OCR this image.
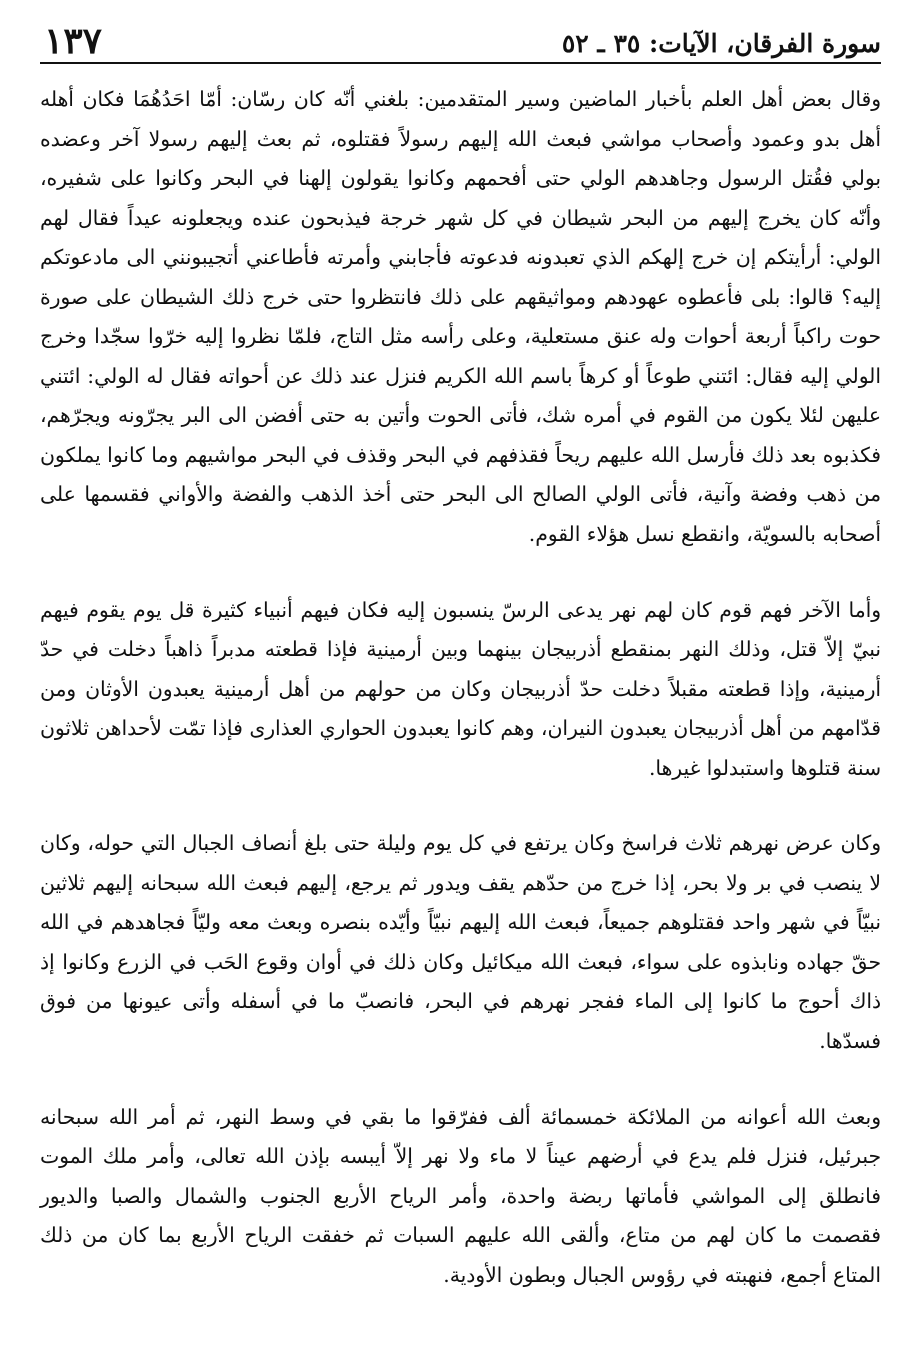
١٣٧	سورة الفرقان، الآيات: ٣٥ ـ ٥٢

وقال بعض أهل العلم بأخبار الماضين وسير المتقدمين: بلغني أنّه كان رسّان: أمّا احَدُهُمَا فكان أهله أهل بدو وعمود وأصحاب مواشي فبعث الله إليهم رسولاً فقتلوه، ثم بعث إليهم رسولا آخر وعضده بولي فقُتل الرسول وجاهدهم الولي حتى أفحمهم وكانوا يقولون إلهنا في البحر وكانوا على شفيره، وأنّه كان يخرج إليهم من البحر شيطان في كل شهر خرجة فيذبحون عنده ويجعلونه عيداً فقال لهم الولي: أرأيتكم إن خرج إلهكم الذي تعبدونه فدعوته فأجابني وأمرته فأطاعني أتجيبونني الى مادعوتكم إليه؟ قالوا: بلى فأعطوه عهودهم ومواثيقهم على ذلك فانتظروا حتى خرج ذلك الشيطان على صورة حوت راكباً أربعة أحوات وله عنق مستعلية، وعلى رأسه مثل التاج، فلمّا نظروا إليه خرّوا سجّدا وخرج الولي إليه فقال: ائتني طوعاً أو كرهاً باسم الله الكريم فنزل عند ذلك عن أحواته فقال له الولي: ائتني عليهن لئلا يكون من القوم في أمره شك، فأتى الحوت وأتين به حتى أفضن الى البر يجرّونه ويجرّهم، فكذبوه بعد ذلك فأرسل الله عليهم ريحاً فقذفهم في البحر وقذف في البحر مواشيهم وما كانوا يملكون من ذهب وفضة وآنية، فأتى الولي الصالح الى البحر حتى أخذ الذهب والفضة والأواني فقسمها على أصحابه بالسويّة، وانقطع نسل هؤلاء القوم.

وأما الآخر فهم قوم كان لهم نهر يدعى الرسّ ينسبون إليه فكان فيهم أنبياء كثيرة قل يوم يقوم فيهم نبيّ إلاّ قتل، وذلك النهر بمنقطع أذربيجان بينهما وبين أرمينية فإذا قطعته مدبراً ذاهباً دخلت في حدّ أرمينية، وإذا قطعته مقبلاً دخلت حدّ أذربيجان وكان من حولهم من أهل أرمينية يعبدون الأوثان ومن قدّامهم من أهل أذربيجان يعبدون النيران، وهم كانوا يعبدون الحواري العذارى فإذا تمّت لأحداهن ثلاثون سنة قتلوها واستبدلوا غيرها.

وكان عرض نهرهم ثلاث فراسخ وكان يرتفع في كل يوم وليلة حتى بلغ أنصاف الجبال التي حوله، وكان لا ينصب في بر ولا بحر، إذا خرج من حدّهم يقف ويدور ثم يرجع، إليهم فبعث الله سبحانه إليهم ثلاثين نبيّاً في شهر واحد فقتلوهم جميعاً، فبعث الله إليهم نبيّاً وأيّده بنصره وبعث معه وليّاً فجاهدهم في الله حقّ جهاده ونابذوه على سواء، فبعث الله ميكائيل وكان ذلك في أوان وقوع الحَب في الزرع وكانوا إذ ذاك أحوج ما كانوا إلى الماء ففجر نهرهم في البحر، فانصبّ ما في أسفله وأتى عيونها من فوق فسدّها.

وبعث الله أعوانه من الملائكة خمسمائة ألف ففرّقوا ما بقي في وسط النهر، ثم أمر الله سبحانه جبرئيل، فنزل فلم يدع في أرضهم عيناً لا ماء ولا نهر إلاّ أيبسه بإذن الله تعالى، وأمر ملك الموت فانطلق إلى المواشي فأماتها ربضة واحدة، وأمر الرياح الأربع الجنوب والشمال والصبا والديور فقصمت ما كان لهم من متاع، وألقى الله عليهم السبات ثم خفقت الرياح الأربع بما كان من ذلك المتاع أجمع، فنهبته في رؤوس الجبال وبطون الأودية.
